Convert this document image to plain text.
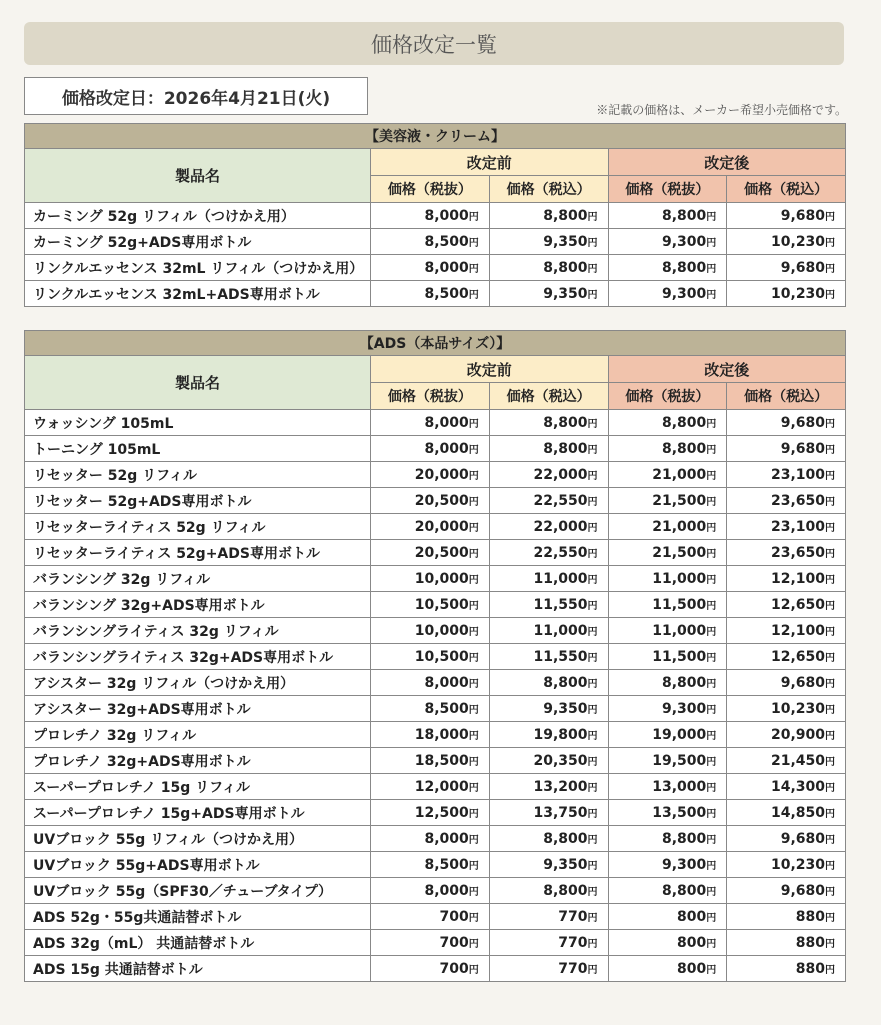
価格改定一覧
価格改定日：2026年4月21日(火)
※記載の価格は、メーカー希望小売価格です。
【美容液・クリーム】				
製品名	改定前		改定後	
	価格（税抜）	価格（税込）	価格（税抜）	価格（税込）
カーミング 52g リフィル（つけかえ用）	8,000円	8,800円	8,800円	9,680円
カーミング 52g+ADS専用ボトル	8,500円	9,350円	9,300円	10,230円
リンクルエッセンス 32mL リフィル（つけかえ用）	8,000円	8,800円	8,800円	9,680円
リンクルエッセンス 32mL+ADS専用ボトル	8,500円	9,350円	9,300円	10,230円
【ADS（本品サイズ）】				
製品名	改定前		改定後	
	価格（税抜）	価格（税込）	価格（税抜）	価格（税込）
ウォッシング 105mL	8,000円	8,800円	8,800円	9,680円
トーニング 105mL	8,000円	8,800円	8,800円	9,680円
リセッター 52g リフィル	20,000円	22,000円	21,000円	23,100円
リセッター 52g+ADS専用ボトル	20,500円	22,550円	21,500円	23,650円
リセッターライティス 52g リフィル	20,000円	22,000円	21,000円	23,100円
リセッターライティス 52g+ADS専用ボトル	20,500円	22,550円	21,500円	23,650円
バランシング 32g リフィル	10,000円	11,000円	11,000円	12,100円
バランシング 32g+ADS専用ボトル	10,500円	11,550円	11,500円	12,650円
バランシングライティス 32g リフィル	10,000円	11,000円	11,000円	12,100円
バランシングライティス 32g+ADS専用ボトル	10,500円	11,550円	11,500円	12,650円
アシスター 32g リフィル（つけかえ用）	8,000円	8,800円	8,800円	9,680円
アシスター 32g+ADS専用ボトル	8,500円	9,350円	9,300円	10,230円
プロレチノ 32g リフィル	18,000円	19,800円	19,000円	20,900円
プロレチノ 32g+ADS専用ボトル	18,500円	20,350円	19,500円	21,450円
スーパープロレチノ 15g リフィル	12,000円	13,200円	13,000円	14,300円
スーパープロレチノ 15g+ADS専用ボトル	12,500円	13,750円	13,500円	14,850円
UVブロック 55g リフィル（つけかえ用）	8,000円	8,800円	8,800円	9,680円
UVブロック 55g+ADS専用ボトル	8,500円	9,350円	9,300円	10,230円
UVブロック 55g（SPF30／チューブタイプ）	8,000円	8,800円	8,800円	9,680円
ADS 52g・55g共通詰替ボトル	700円	770円	800円	880円
ADS 32g（mL） 共通詰替ボトル	700円	770円	800円	880円
ADS 15g 共通詰替ボトル	700円	770円	800円	880円
